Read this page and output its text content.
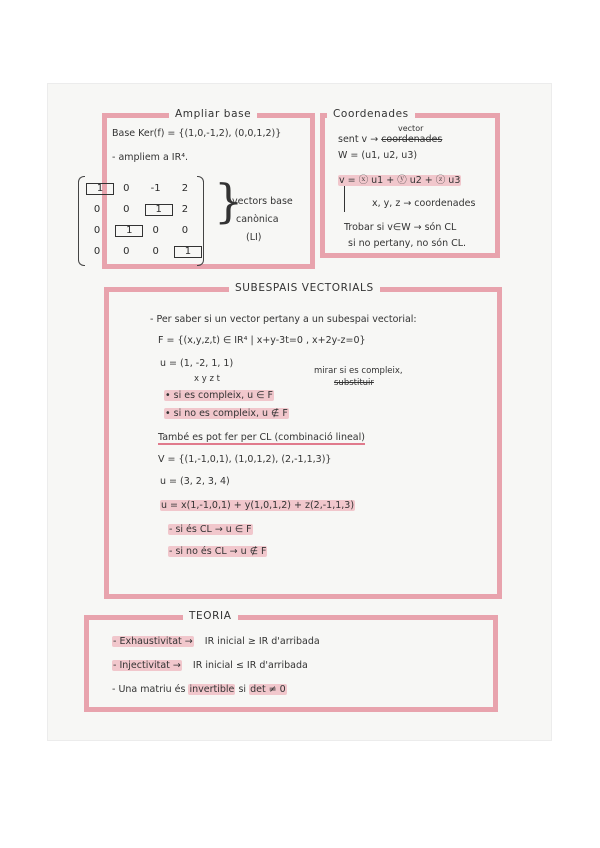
Ampliar base
Base Ker(f) = {(1,0,-1,2), (0,0,1,2)}
- ampliem a IR⁴.
1	0	-1	2
0	0	1	2
0	1	0	0
0	0	0	1
}
vectors base
canònica
(LI)
Coordenades
vector
sent v → coordenades
W = (u1, u2, u3)
v = ⓧ u1 + ⓨ u2 + ⓩ u3
x, y, z → coordenades
Trobar si v∈W → són CL
si no pertany, no són CL.
SUBESPAIS VECTORIALS
- Per saber si un vector pertany a un subespai vectorial:
F = {(x,y,z,t) ∈ IR⁴ | x+y-3t=0 , x+2y-z=0}
u = (1, -2, 1, 1)
x y z t
mirar si es compleix,
substituir
• si es compleix, u ∈ F
• si no es compleix, u ∉ F
També es pot fer per CL (combinació lineal)
V = {(1,-1,0,1), (1,0,1,2), (2,-1,1,3)}
u = (3, 2, 3, 4)
u = x(1,-1,0,1) + y(1,0,1,2) + z(2,-1,1,3)
- si és CL → u ∈ F
- si no és CL → u ∉ F
TEORIA
- Exhaustivitat → IR inicial ≥ IR d'arribada
- Injectivitat → IR inicial ≤ IR d'arribada
- Una matriu és invertible si det ≠ 0
